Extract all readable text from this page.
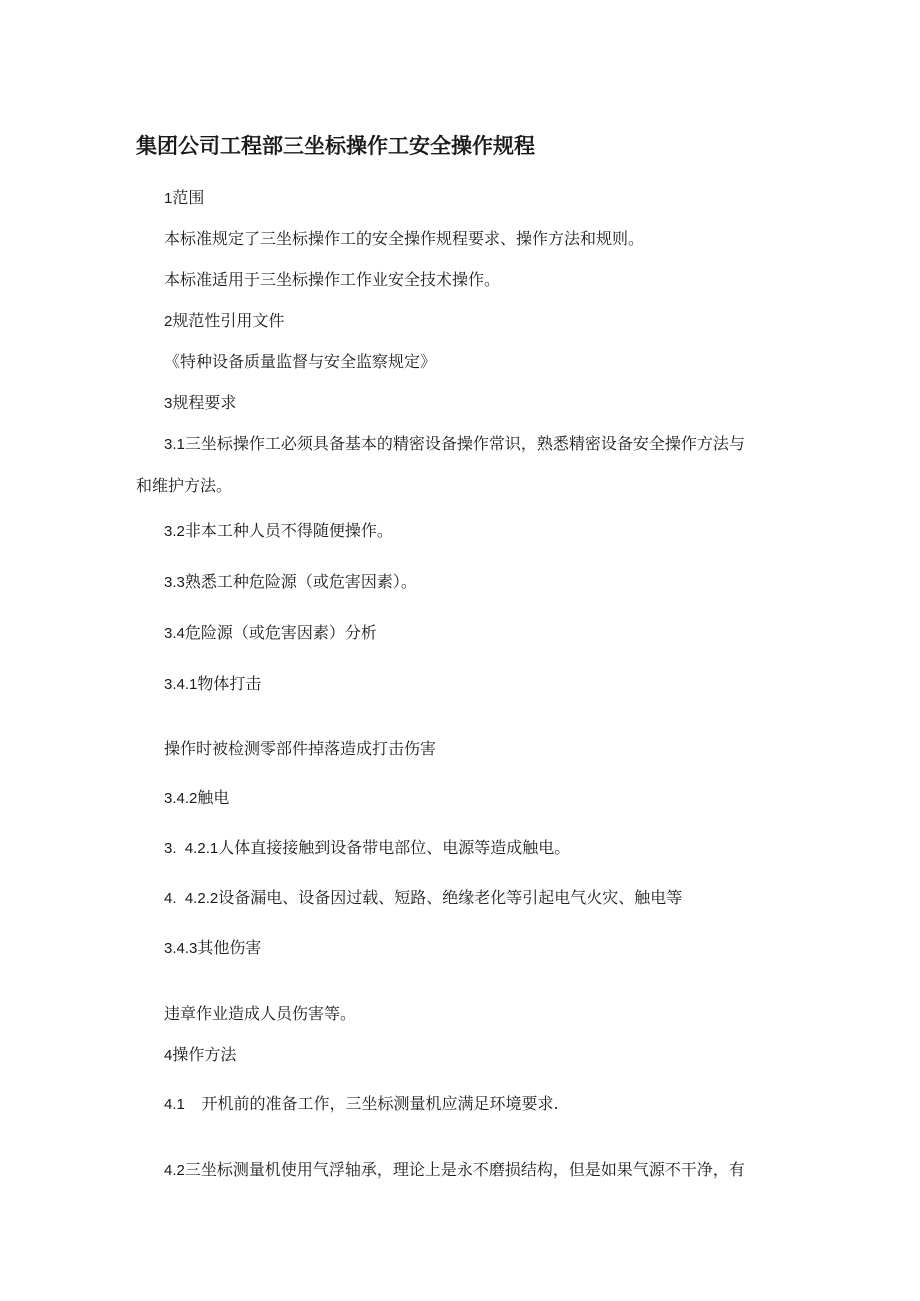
集团公司工程部三坐标操作工安全操作规程
1范围
本标准规定了三坐标操作工的安全操作规程要求、操作方法和规则。
本标准适用于三坐标操作工作业安全技术操作。
2规范性引用文件
《特种设备质量监督与安全监察规定》
3规程要求
3.1三坐标操作工必须具备基本的精密设备操作常识，熟悉精密设备安全操作方法与
和维护方法。
3.2非本工种人员不得随便操作。
3.3熟悉工种危险源（或危害因素）。
3.4危险源（或危害因素）分析
3.4.1物体打击
操作时被检测零部件掉落造成打击伤害
3.4.2触电
3.  4.2.1人体直接接触到设备带电部位、电源等造成触电。
4.  4.2.2设备漏电、设备因过载、短路、绝缘老化等引起电气火灾、触电等
3.4.3其他伤害
违章作业造成人员伤害等。
4操作方法
4.1    开机前的准备工作，三坐标测量机应满足环境要求.
4.2三坐标测量机使用气浮轴承，理论上是永不磨损结构，但是如果气源不干净，有
